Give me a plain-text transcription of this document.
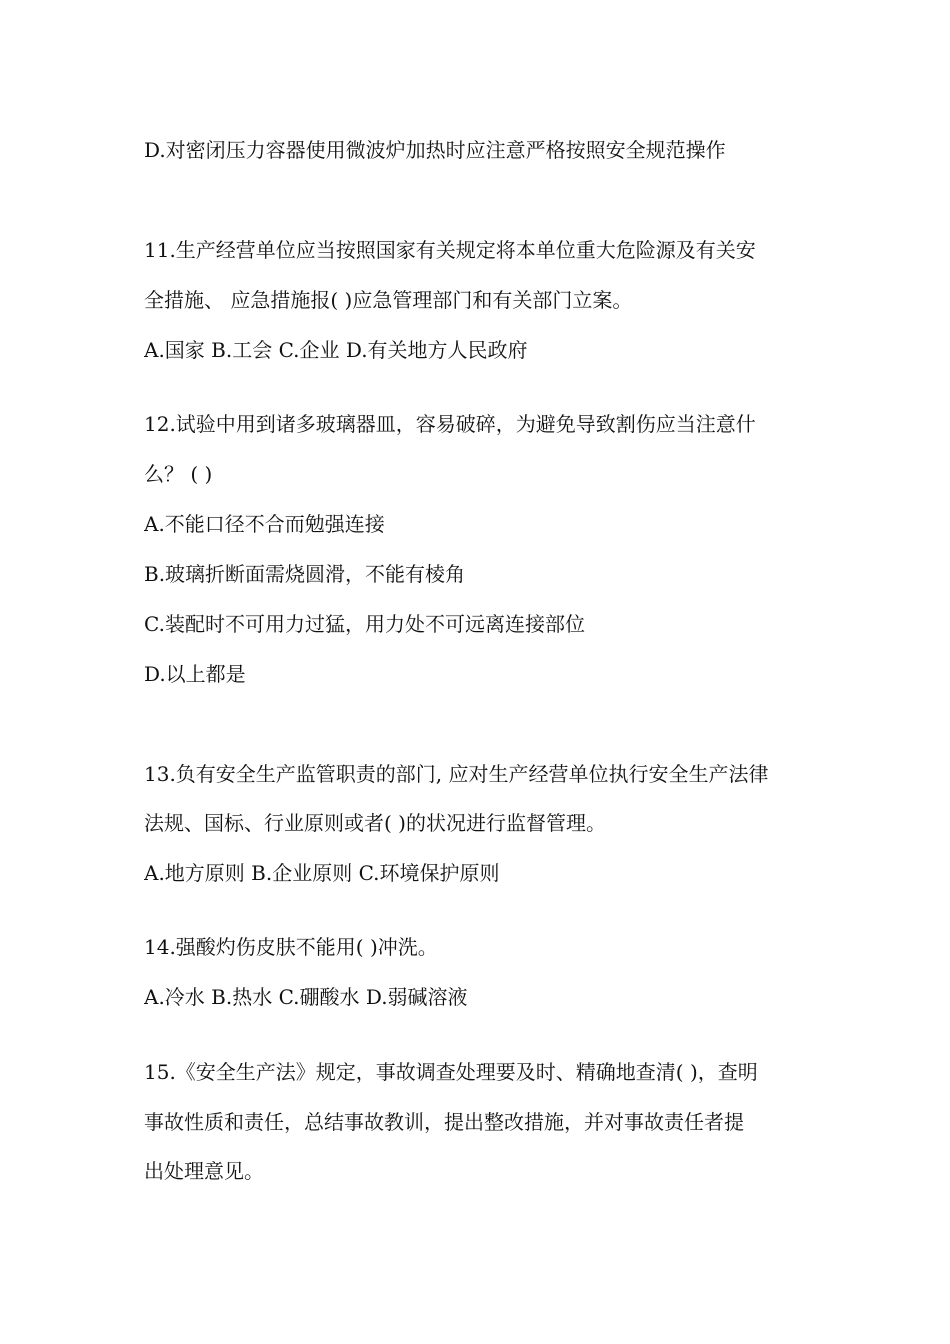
D.对密闭压力容器使用微波炉加热时应注意严格按照安全规范操作
11.生产经营单位应当按照国家有关规定将本单位重大危险源及有关安
全措施、 应急措施报( )应急管理部门和有关部门立案。
A.国家 B.工会 C.企业 D.有关地方人民政府
12.试验中用到诸多玻璃器皿，容易破碎，为避免导致割伤应当注意什
么？ ( )
A.不能口径不合而勉强连接
B.玻璃折断面需烧圆滑，不能有棱角
C.装配时不可用力过猛，用力处不可远离连接部位
D.以上都是
13.负有安全生产监管职责的部门, 应对生产经营单位执行安全生产法律
法规、国标、行业原则或者( )的状况进行监督管理。
A.地方原则 B.企业原则 C.环境保护原则
14.强酸灼伤皮肤不能用( )冲洗。
A.冷水 B.热水 C.硼酸水 D.弱碱溶液
15.《安全生产法》规定，事故调查处理要及时、精确地查清( )，查明
事故性质和责任，总结事故教训，提出整改措施，并对事故责任者提
出处理意见。
